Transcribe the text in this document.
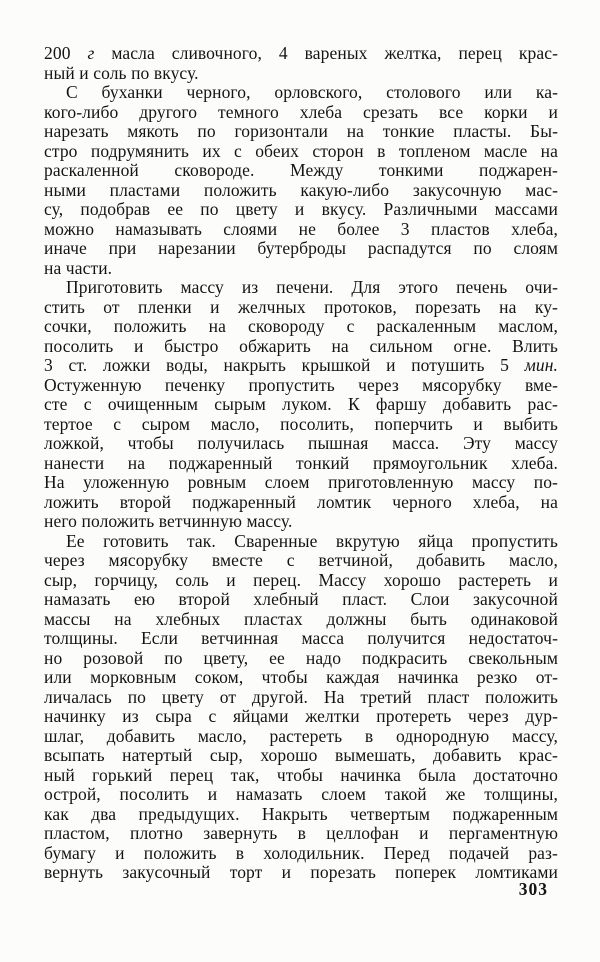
200 г масла сливочного, 4 вареных желтка, перец крас-
ный и соль по вкусу.
С буханки черного, орловского, столового или ка-
кого-либо другого темного хлеба срезать все корки и
нарезать мякоть по горизонтали на тонкие пласты. Бы-
стро подрумянить их с обеих сторон в топленом масле на
раскаленной сковороде. Между тонкими поджарен-
ными пластами положить какую-либо закусочную мас-
су, подобрав ее по цвету и вкусу. Различными массами
можно намазывать слоями не более 3 пластов хлеба,
иначе при нарезании бутерброды распадутся по слоям
на части.
Приготовить массу из печени. Для этого печень очи-
стить от пленки и желчных протоков, порезать на ку-
сочки, положить на сковороду с раскаленным маслом,
посолить и быстро обжарить на сильном огне. Влить
3 ст. ложки воды, накрыть крышкой и потушить 5 мин.
Остуженную печенку пропустить через мясорубку вме-
сте с очищенным сырым луком. К фаршу добавить рас-
тертое с сыром масло, посолить, поперчить и выбить
ложкой, чтобы получилась пышная масса. Эту массу
нанести на поджаренный тонкий прямоугольник хлеба.
На уложенную ровным слоем приготовленную массу по-
ложить второй поджаренный ломтик черного хлеба, на
него положить ветчинную массу.
Ее готовить так. Сваренные вкрутую яйца пропустить
через мясорубку вместе с ветчиной, добавить масло,
сыр, горчицу, соль и перец. Массу хорошо растереть и
намазать ею второй хлебный пласт. Слои закусочной
массы на хлебных пластах должны быть одинаковой
толщины. Если ветчинная масса получится недостаточ-
но розовой по цвету, ее надо подкрасить свекольным
или морковным соком, чтобы каждая начинка резко от-
личалась по цвету от другой. На третий пласт положить
начинку из сыра с яйцами желтки протереть через дур-
шлаг, добавить масло, растереть в однородную массу,
всыпать натертый сыр, хорошо вымешать, добавить крас-
ный горький перец так, чтобы начинка была достаточно
острой, посолить и намазать слоем такой же толщины,
как два предыдущих. Накрыть четвертым поджаренным
пластом, плотно завернуть в целлофан и пергаментную
бумагу и положить в холодильник. Перед подачей раз-
вернуть закусочный торт и порезать поперек ломтиками
303
